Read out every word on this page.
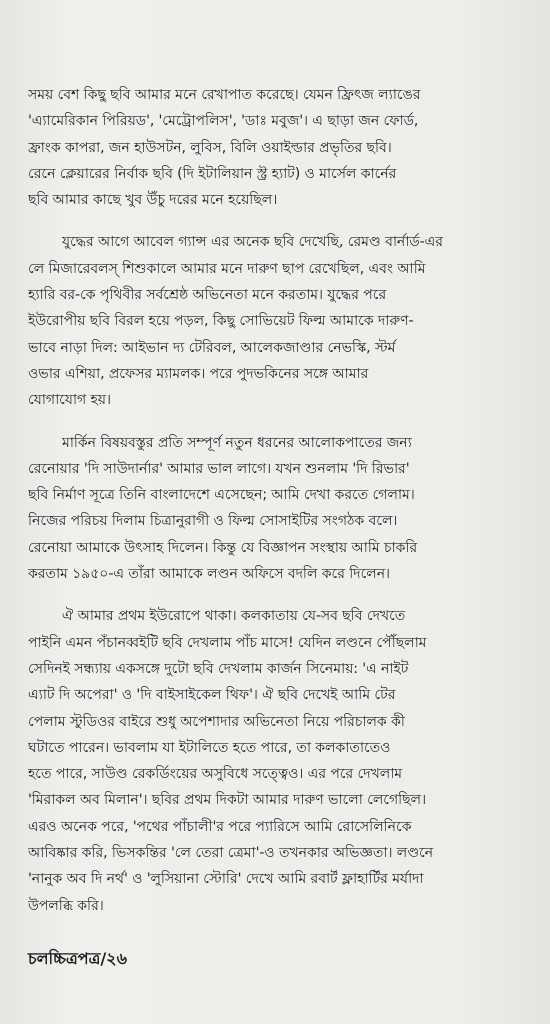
সময় বেশ কিছু ছবি আমার মনে রেখাপাত করেছে। যেমন ফ্রিৎজ ল্যাঙের
'এ্যামেরিকান পিরিয়ড', 'মেট্রোপলিস', 'ডাঃ মবুজ'। এ ছাড়া জন ফোর্ড,
ফ্রাংক কাপরা, জন হাউসটন, লুবিস, বিলি ওয়াইল্ডার প্রভৃতির ছবি।
রেনে ক্লেয়ারের নির্বাক ছবি (দি ইটালিয়ান স্ট্র হ্যাট) ও মার্সেল কার্নের
ছবি আমার কাছে খুব উঁচু দরের মনে হয়েছিল।
যুদ্ধের আগে আবেল গ্যান্স এর অনেক ছবি দেখেছি, রেমণ্ড বার্নার্ড-এর
লে মিজারেবলস্ শিশুকালে আমার মনে দারুণ ছাপ রেখেছিল, এবং আমি
হ্যারি বর-কে পৃথিবীর সর্বশ্রেষ্ঠ অভিনেতা মনে করতাম। যুদ্ধের পরে
ইউরোপীয় ছবি বিরল হয়ে পড়ল, কিছু সোভিয়েট ফিল্ম আমাকে দারুণ-
ভাবে নাড়া দিল: আইভান দ্য টেরিবল, আলেকজাণ্ডার নেভস্কি, স্টর্ম
ওভার এশিয়া, প্রফেসর ম্যামলক। পরে পুদভকিনের সঙ্গে আমার
যোগাযোগ হয়।
মার্কিন বিষয়বস্তুর প্রতি সম্পূর্ণ নতুন ধরনের আলোকপাতের জন্য
রেনোয়ার 'দি সাউদার্নার' আমার ভাল লাগে। যখন শুনলাম 'দি রিভার'
ছবি নির্মাণ সূত্রে তিনি বাংলাদেশে এসেছেন; আমি দেখা করতে গেলাম।
নিজের পরিচয় দিলাম চিত্রানুরাগী ও ফিল্ম সোসাইটির সংগঠক বলে।
রেনোয়া আমাকে উৎসাহ দিলেন। কিন্তু যে বিজ্ঞাপন সংস্থায় আমি চাকরি
করতাম ১৯৫০-এ তাঁরা আমাকে লণ্ডন অফিসে বদলি করে দিলেন।
ঐ আমার প্রথম ইউরোপে থাকা। কলকাতায় যে-সব ছবি দেখতে
পাইনি এমন পঁচানব্বইটি ছবি দেখলাম পাঁচ মাসে! যেদিন লণ্ডনে পৌঁছলাম
সেদিনই সন্ধ্যায় একসঙ্গে দুটো ছবি দেখলাম কার্জন সিনেমায়: 'এ নাইট
এ্যাট দি অপেরা' ও 'দি বাইসাইকেল থিফ'। ঐ ছবি দেখেই আমি টের
পেলাম স্টুডিওর বাইরে শুধু অপেশাদার অভিনেতা নিয়ে পরিচালক কী
ঘটাতে পারেন। ভাবলাম যা ইটালিতে হতে পারে, তা কলকাতাতেও
হতে পারে, সাউণ্ড রেকর্ডিংয়ের অসুবিধে সত্ত্বেও। এর পরে দেখলাম
'মিরাকল অব মিলান'। ছবির প্রথম দিকটা আমার দারুণ ভালো লেগেছিল।
এরও অনেক পরে, 'পথের পাঁচালী'র পরে প্যারিসে আমি রোসেলিনিকে
আবিষ্কার করি, ভিসকন্তির 'লে তেরা ত্রেমা'-ও তখনকার অভিজ্ঞতা। লণ্ডনে
'নানুক অব দি নর্থ' ও 'লুসিয়ানা স্টোরি' দেখে আমি রবার্ট ফ্লাহার্টির মর্যাদা
উপলব্ধি করি।
চলচ্চিত্রপত্র/২৬
